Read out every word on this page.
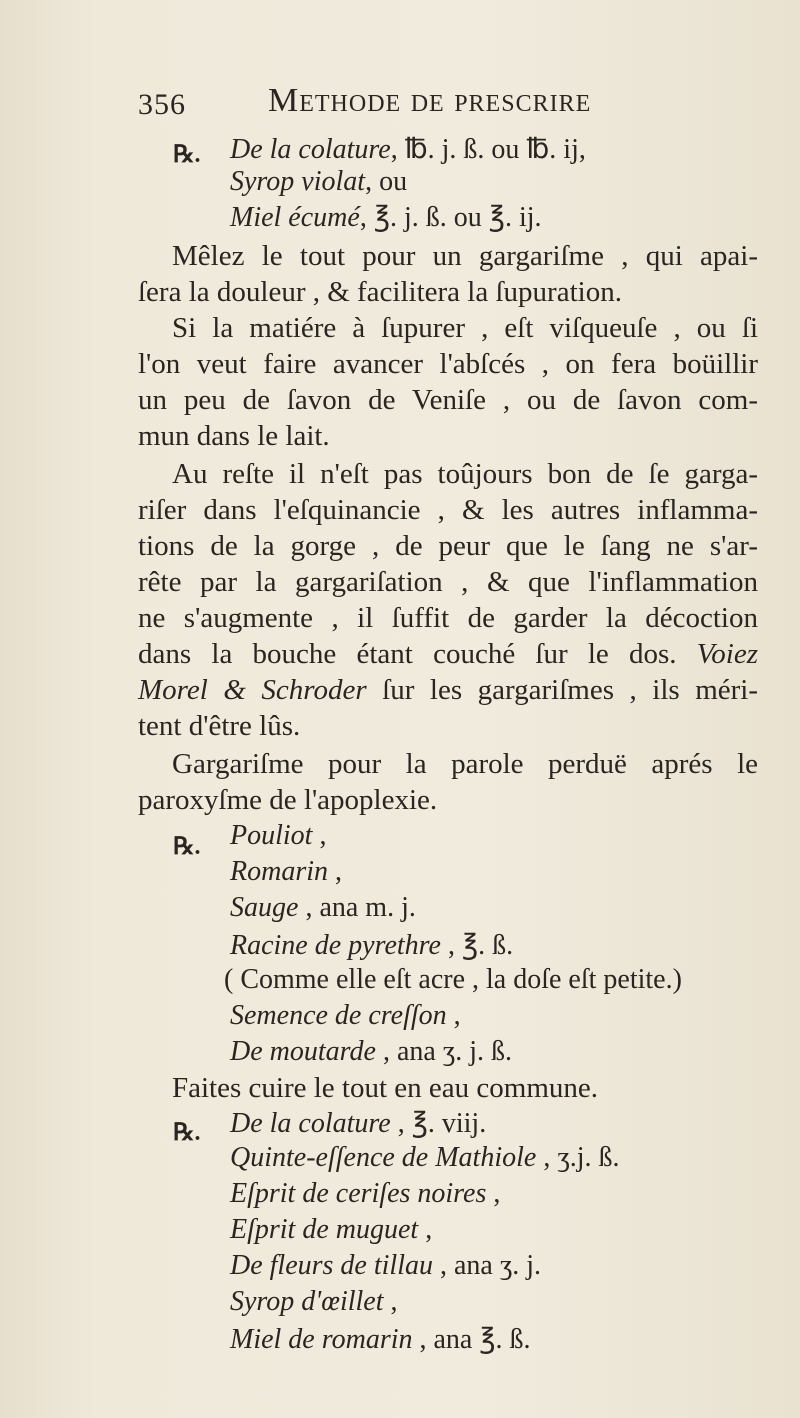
356 Methode de prescrire
℞. De la colature, ℔. j. ß. ou ℔. ij,
Syrop violat, ou
Miel écumé, ℥. j. ß. ou ℥. ij.
Mêlez le tout pour un gargariſme , qui apai-
ſera la douleur , & facilitera la ſupuration.
Si la matiére à ſupurer , eſt viſqueuſe , ou ſi
l'on veut faire avancer l'abſcés , on fera boüillir
un peu de ſavon de Veniſe , ou de ſavon com-
mun dans le lait.
Au reſte il n'eſt pas toûjours bon de ſe garga-
riſer dans l'eſquinancie , & les autres inflamma-
tions de la gorge , de peur que le ſang ne s'ar-
rête par la gargariſation , & que l'inflammation
ne s'augmente , il ſuffit de garder la décoction
dans la bouche étant couché ſur le dos. Voiez
Morel & Schroder ſur les gargariſmes , ils méri-
tent d'être lûs.
Gargariſme pour la parole perduë aprés le
paroxyſme de l'apoplexie.
℞. Pouliot ,
Romarin ,
Sauge , ana m. j.
Racine de pyrethre , ℥. ß.
( Comme elle eſt acre , la doſe eſt petite.)
Semence de creſſon ,
De moutarde , ana ʒ. j. ß.
Faites cuire le tout en eau commune.
℞. De la colature , ℥. viij.
Quinte-eſſence de Mathiole , ʒ.j. ß.
Eſprit de ceriſes noires ,
Eſprit de muguet ,
De fleurs de tillau , ana ʒ. j.
Syrop d'œillet ,
Miel de romarin , ana ℥. ß.
